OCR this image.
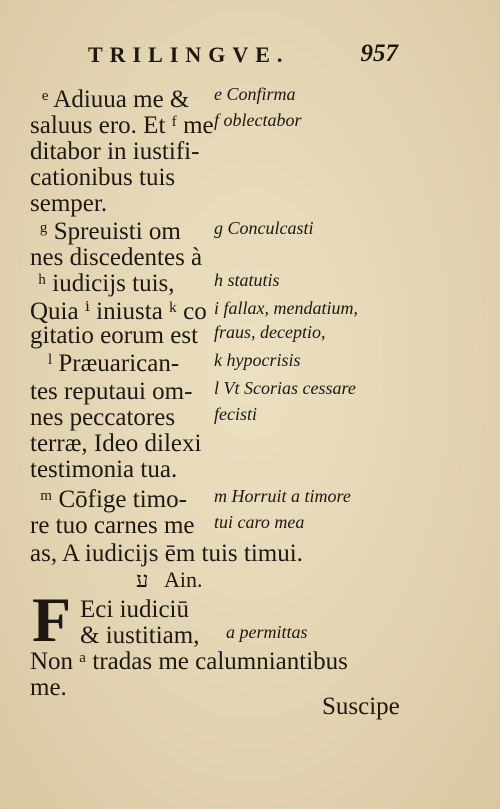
TRILINGVE.	957
ᵉ Adiuua me &
saluus ero. Et ᶠ me
ditabor in iustifi-
cationibus tuis
semper.
ᵍ Spreuisti om
nes discedentes à
ʰ iudicijs tuis,
Quia ⁱ iniusta ᵏ co
gitatio eorum est
ˡ Præuarican-
tes reputaui om-
nes peccatores
terræ, Ideo dilexi
testimonia tua.
ᵐ Cōfige timo-
re tuo carnes me
as, A iudicijs ēm tuis timui.
e Confirma
f oblectabor
g Conculcasti
h statutis
i fallax, mendatium,
fraus, deceptio,
k hypocrisis
l Vt Scorias cessare
fecisti
m Horruit a timore
tui caro mea
ע Ain.
F Eci iudiciū
& iustitiam, a permittas
Non ᵃ tradas me calumniantibus
me.
Suscipe
